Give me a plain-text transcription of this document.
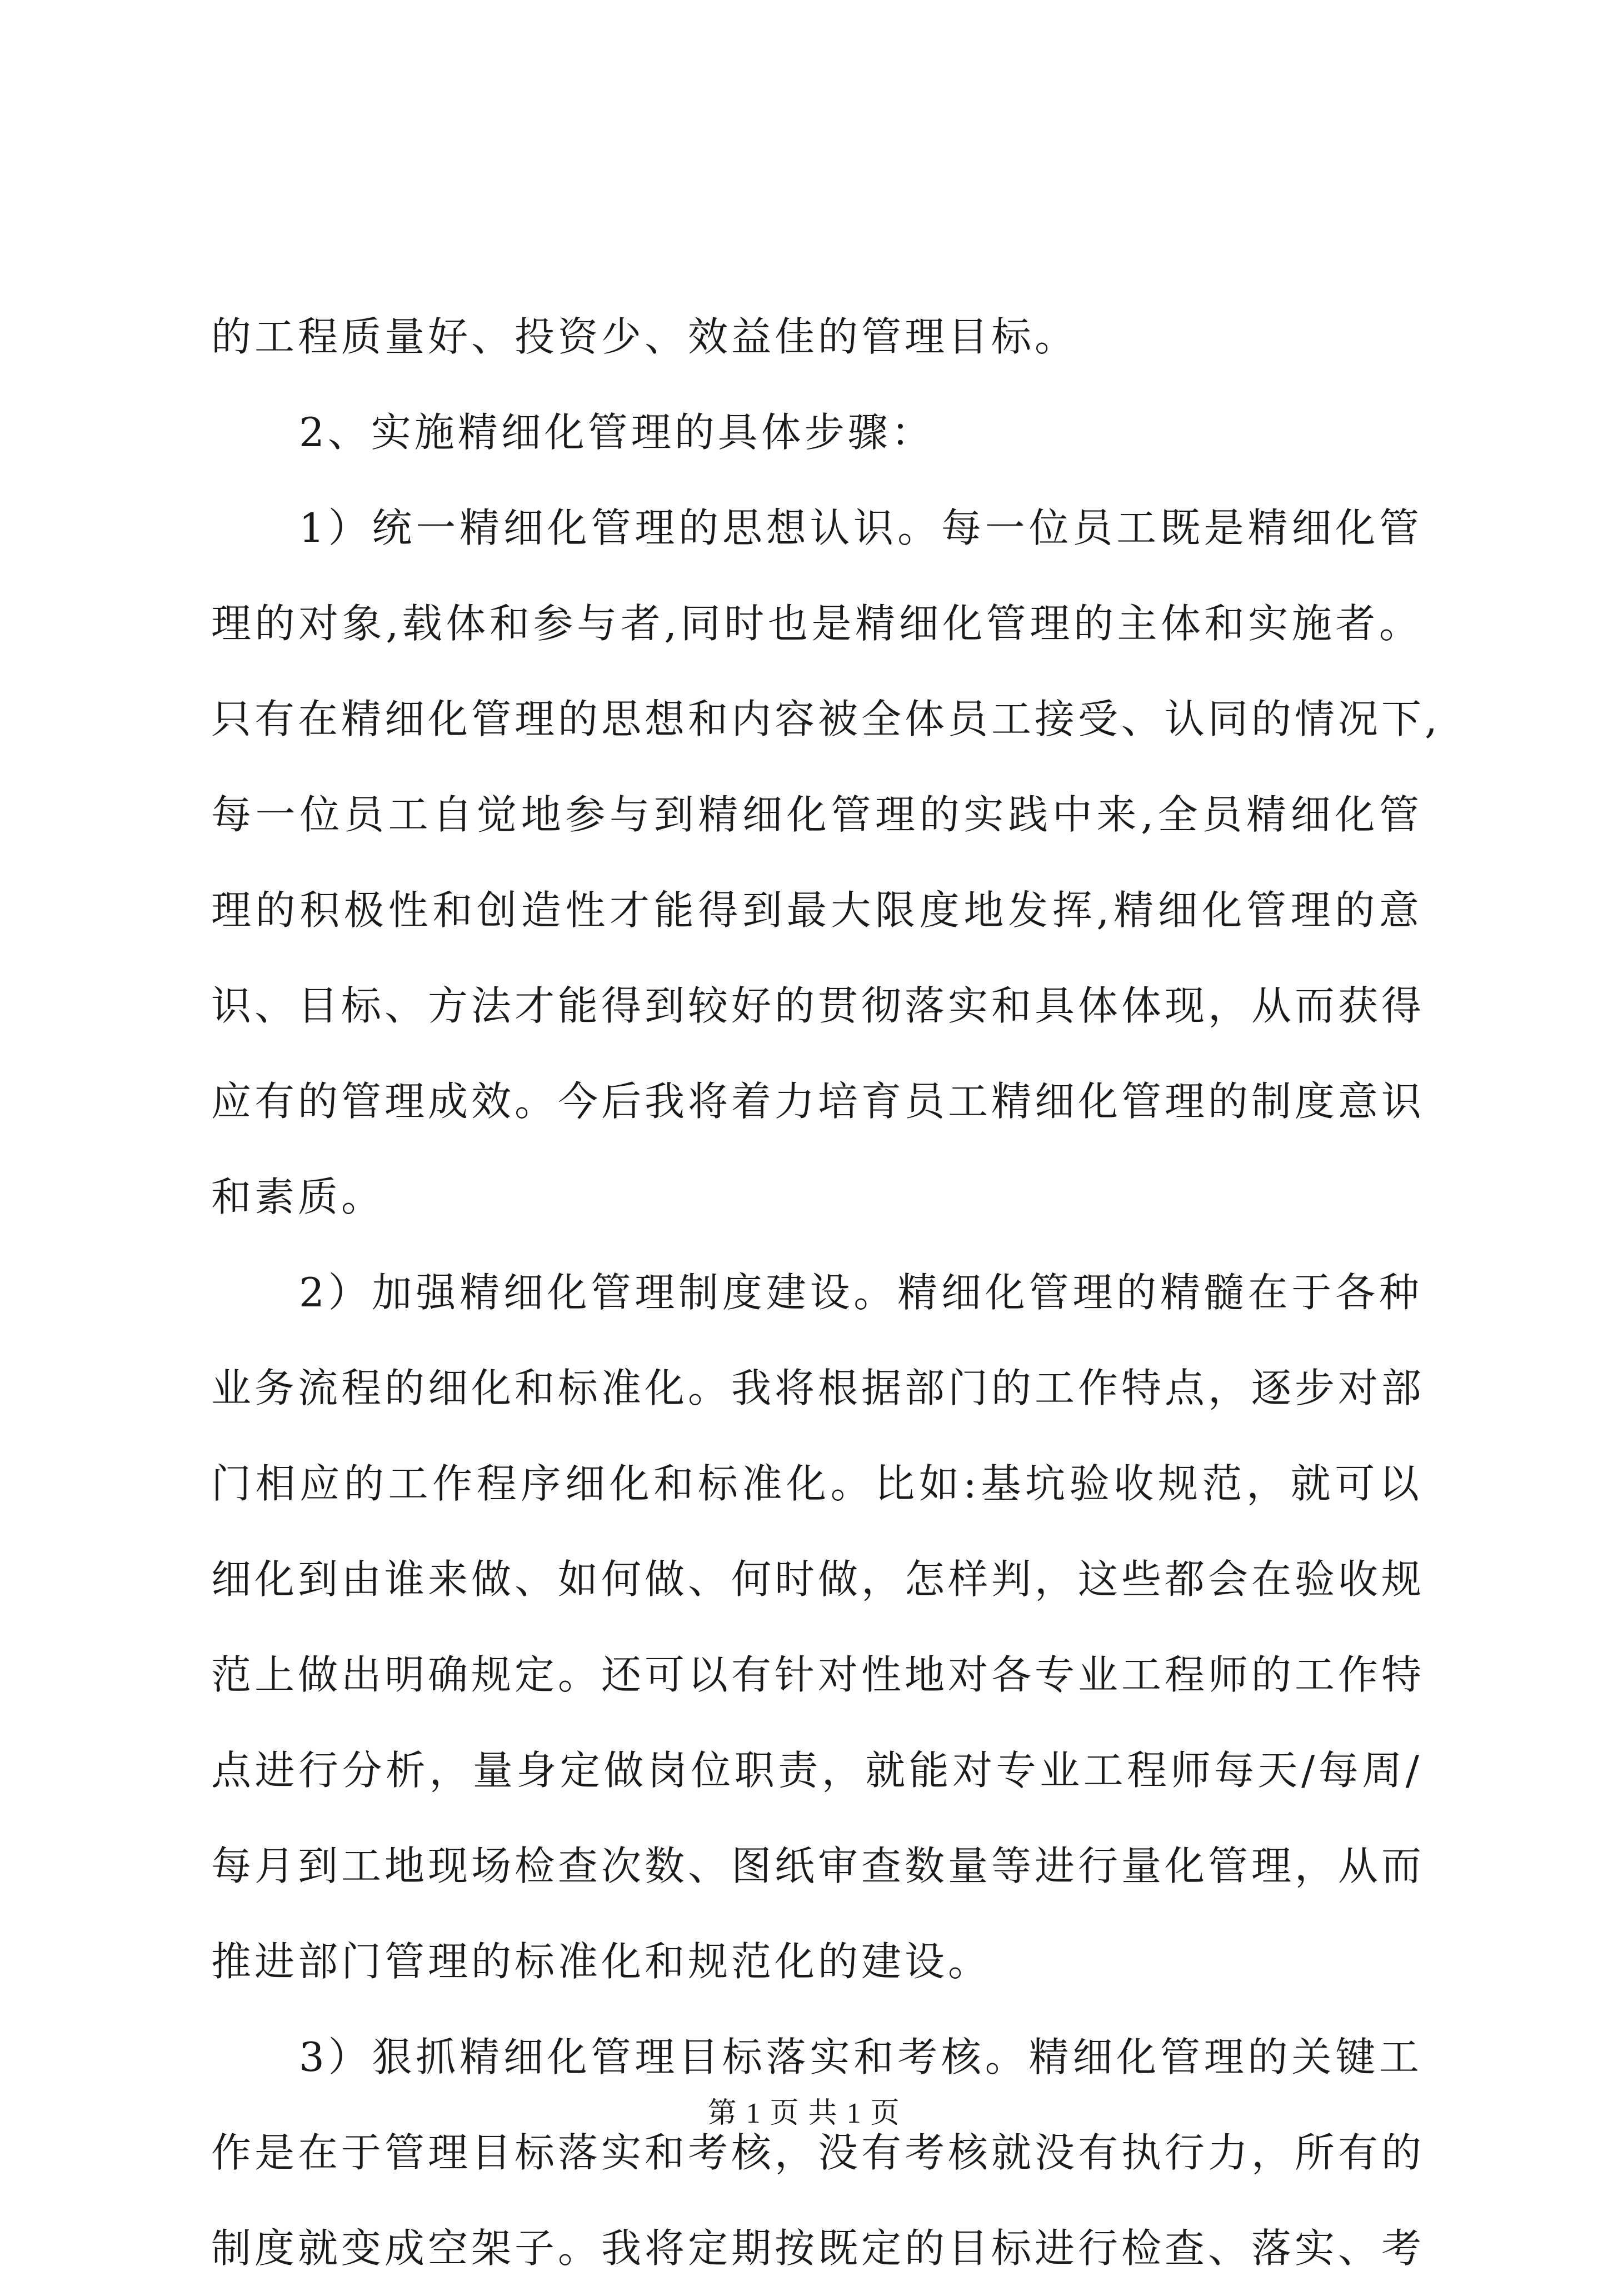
的工程质量好、投资少、效益佳的管理目标。
2、实施精细化管理的具体步骤：
1）统一精细化管理的思想认识。每一位员工既是精细化管
理的对象,载体和参与者,同时也是精细化管理的主体和实施者。
只有在精细化管理的思想和内容被全体员工接受、认同的情况下,
每一位员工自觉地参与到精细化管理的实践中来,全员精细化管
理的积极性和创造性才能得到最大限度地发挥,精细化管理的意
识、目标、方法才能得到较好的贯彻落实和具体体现，从而获得
应有的管理成效。今后我将着力培育员工精细化管理的制度意识
和素质。
2）加强精细化管理制度建设。精细化管理的精髓在于各种
业务流程的细化和标准化。我将根据部门的工作特点，逐步对部
门相应的工作程序细化和标准化。比如:基坑验收规范，就可以
细化到由谁来做、如何做、何时做，怎样判，这些都会在验收规
范上做出明确规定。还可以有针对性地对各专业工程师的工作特
点进行分析，量身定做岗位职责，就能对专业工程师每天/每周/
每月到工地现场检查次数、图纸审查数量等进行量化管理，从而
推进部门管理的标准化和规范化的建设。
3）狠抓精细化管理目标落实和考核。精细化管理的关键工
作是在于管理目标落实和考核，没有考核就没有执行力，所有的
制度就变成空架子。我将定期按既定的目标进行检查、落实、考
第 1 页 共 1 页
